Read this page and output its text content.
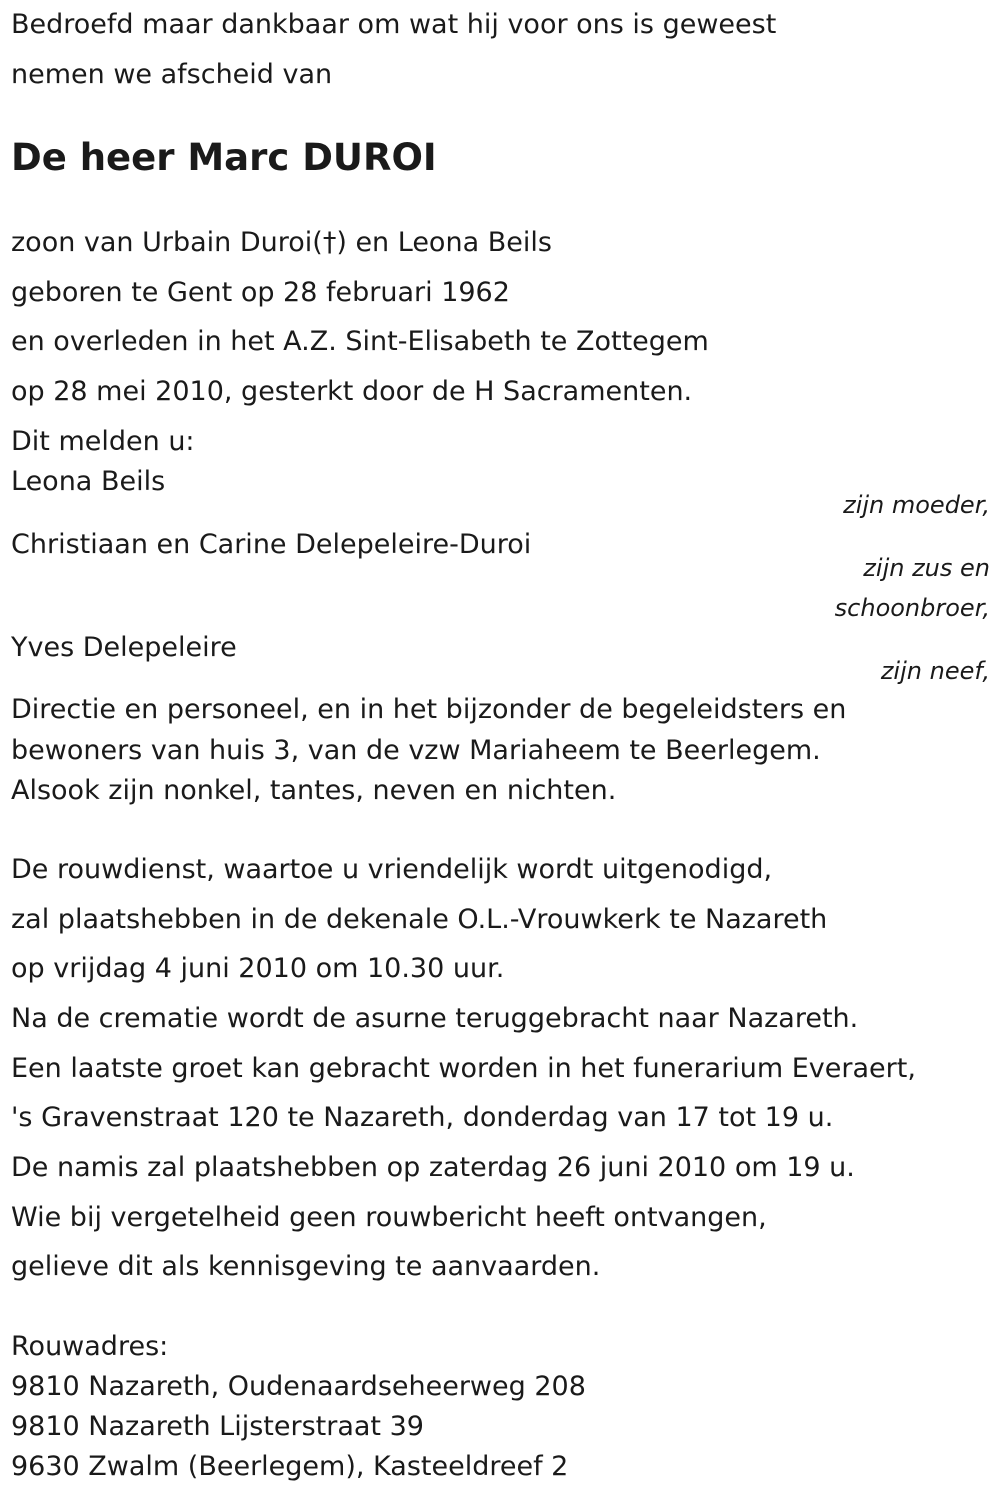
Bedroefd maar dankbaar om wat hij voor ons is geweest
nemen we afscheid van
De heer Marc DUROI
zoon van Urbain Duroi(†) en Leona Beils
geboren te Gent op 28 februari 1962
en overleden in het A.Z. Sint-Elisabeth te Zottegem
op 28 mei 2010, gesterkt door de H Sacramenten.
Dit melden u:
Leona Beils
zijn moeder,
Christiaan en Carine Delepeleire-Duroi
zijn zus en
schoonbroer,
Yves Delepeleire
zijn neef,
Directie en personeel, en in het bijzonder de begeleidsters en
bewoners van huis 3, van de vzw Mariaheem te Beerlegem.
Alsook zijn nonkel, tantes, neven en nichten.
De rouwdienst, waartoe u vriendelijk wordt uitgenodigd,
zal plaatshebben in de dekenale O.L.-Vrouwkerk te Nazareth
op vrijdag 4 juni 2010 om 10.30 uur.
Na de crematie wordt de asurne teruggebracht naar Nazareth.
Een laatste groet kan gebracht worden in het funerarium Everaert,
's Gravenstraat 120 te Nazareth, donderdag van 17 tot 19 u.
De namis zal plaatshebben op zaterdag 26 juni 2010 om 19 u.
Wie bij vergetelheid geen rouwbericht heeft ontvangen,
gelieve dit als kennisgeving te aanvaarden.
Rouwadres:
9810 Nazareth, Oudenaardseheerweg 208
9810 Nazareth Lijsterstraat 39
9630 Zwalm (Beerlegem), Kasteeldreef 2
